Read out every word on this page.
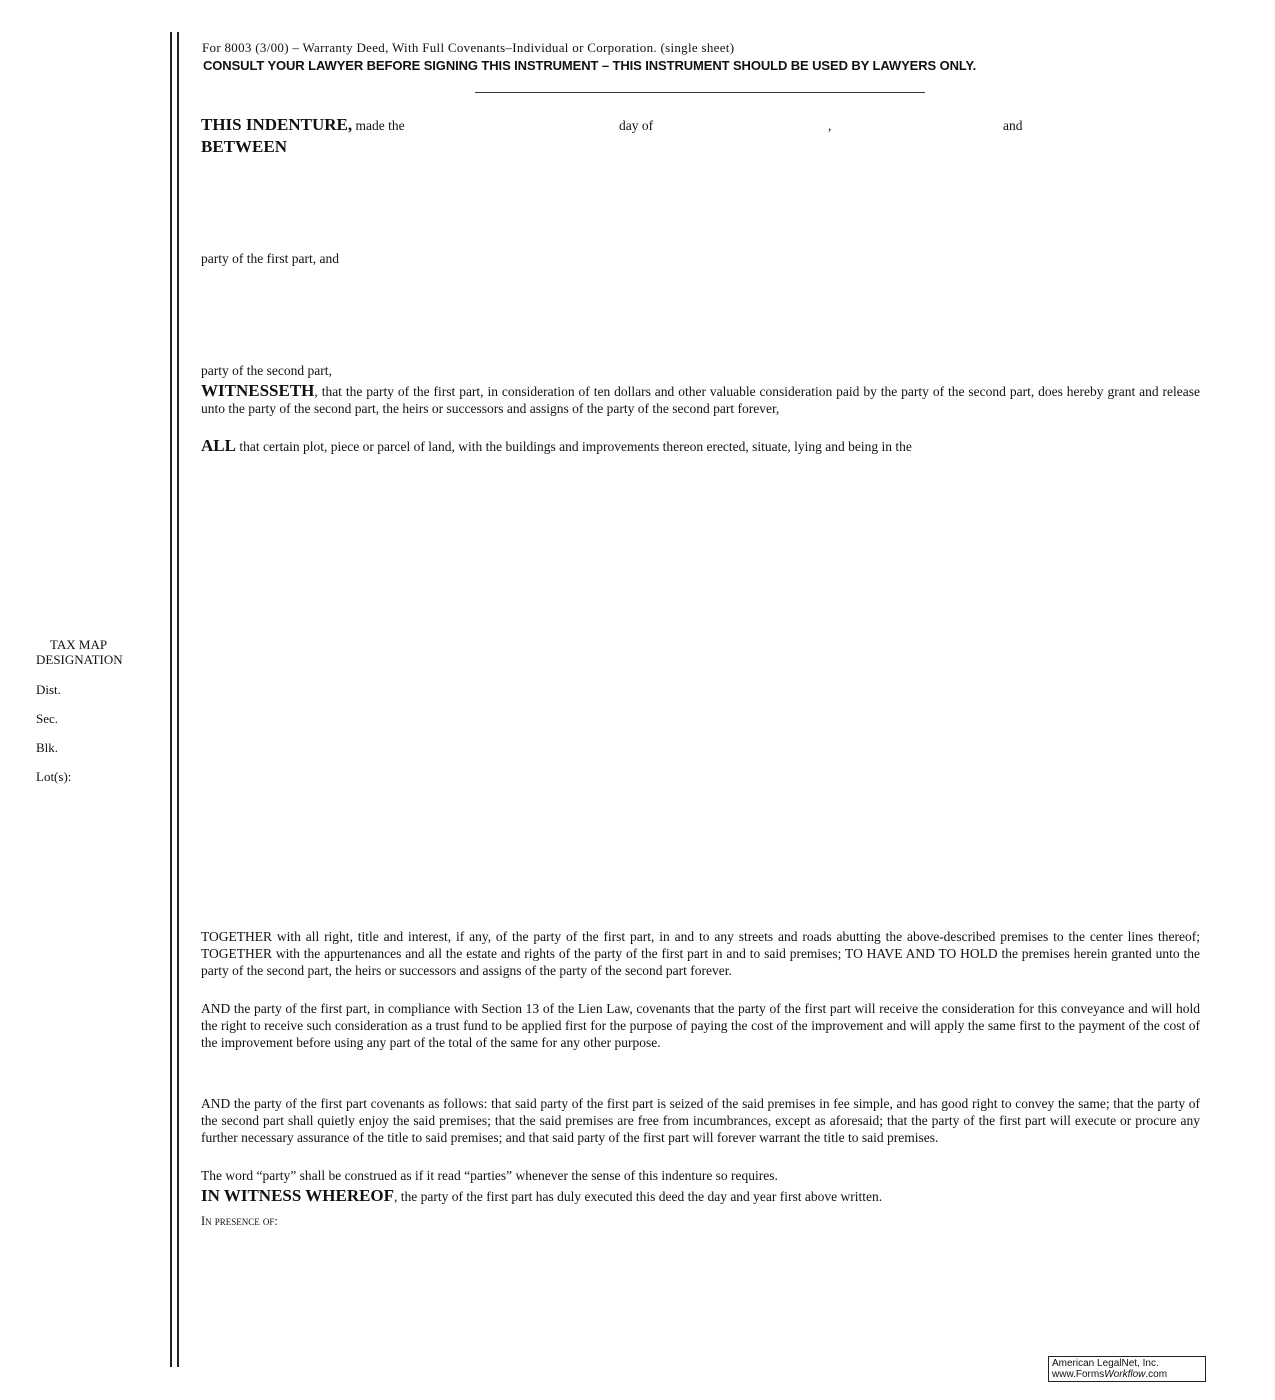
For 8003 (3/00) – Warranty Deed, With Full Covenants–Individual or Corporation. (single sheet)
CONSULT YOUR LAWYER BEFORE SIGNING THIS INSTRUMENT – THIS INSTRUMENT SHOULD BE USED BY LAWYERS ONLY.
THIS INDENTURE, made the	day of	,	and
BETWEEN
party of the first part, and
party of the second part,
WITNESSETH, that the party of the first part, in consideration of ten dollars and other valuable consideration paid by the party of the second part, does hereby grant and release unto the party of the second part, the heirs or successors and assigns of the party of the second part forever,
ALL that certain plot, piece or parcel of land, with the buildings and improvements thereon erected, situate, lying and being in the
TAX MAP
DESIGNATION
Dist.
Sec.
Blk.
Lot(s):
TOGETHER with all right, title and interest, if any, of the party of the first part, in and to any streets and roads abutting the above-described premises to the center lines thereof; TOGETHER with the appurtenances and all the estate and rights of the party of the first part in and to said premises; TO HAVE AND TO HOLD the premises herein granted unto the party of the second part, the heirs or successors and assigns of the party of the second part forever.
AND the party of the first part, in compliance with Section 13 of the Lien Law, covenants that the party of the first part will receive the consideration for this conveyance and will hold the right to receive such consideration as a trust fund to be applied first for the purpose of paying the cost of the improvement and will apply the same first to the payment of the cost of the improvement before using any part of the total of the same for any other purpose.
AND the party of the first part covenants as follows: that said party of the first part is seized of the said premises in fee simple, and has good right to convey the same; that the party of the second part shall quietly enjoy the said premises; that the said premises are free from incumbrances, except as aforesaid; that the party of the first part will execute or procure any further necessary assurance of the title to said premises; and that said party of the first part will forever warrant the title to said premises.
The word “party” shall be construed as if it read “parties” whenever the sense of this indenture so requires.
IN WITNESS WHEREOF, the party of the first part has duly executed this deed the day and year first above written.
In presence of:
American LegalNet, Inc.
www.FormsWorkflow.com
